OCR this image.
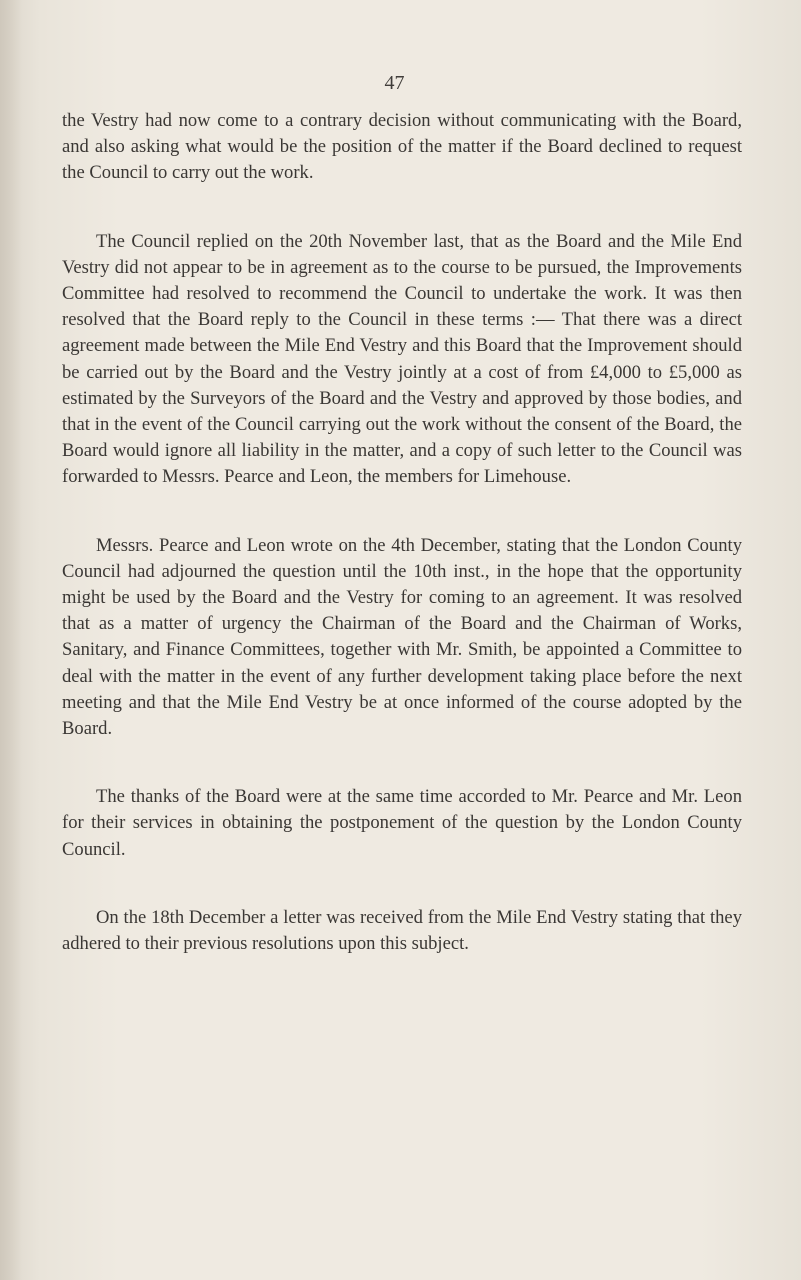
47

the Vestry had now come to a contrary decision without communicating with the Board, and also asking what would be the position of the matter if the Board declined to request the Council to carry out the work.

The Council replied on the 20th November last, that as the Board and the Mile End Vestry did not appear to be in agreement as to the course to be pursued, the Improvements Committee had resolved to recommend the Council to undertake the work. It was then resolved that the Board reply to the Council in these terms :— That there was a direct agreement made between the Mile End Vestry and this Board that the Improvement should be carried out by the Board and the Vestry jointly at a cost of from £4,000 to £5,000 as estimated by the Surveyors of the Board and the Vestry and approved by those bodies, and that in the event of the Council carrying out the work without the consent of the Board, the Board would ignore all liability in the matter, and a copy of such letter to the Council was forwarded to Messrs. Pearce and Leon, the members for Limehouse.

Messrs. Pearce and Leon wrote on the 4th December, stating that the London County Council had adjourned the question until the 10th inst., in the hope that the opportunity might be used by the Board and the Vestry for coming to an agreement. It was resolved that as a matter of urgency the Chairman of the Board and the Chairman of Works, Sanitary, and Finance Committees, together with Mr. Smith, be appointed a Committee to deal with the matter in the event of any further development taking place before the next meeting and that the Mile End Vestry be at once informed of the course adopted by the Board.

The thanks of the Board were at the same time accorded to Mr. Pearce and Mr. Leon for their services in obtaining the postponement of the question by the London County Council.

On the 18th December a letter was received from the Mile End Vestry stating that they adhered to their previous resolutions upon this subject.
